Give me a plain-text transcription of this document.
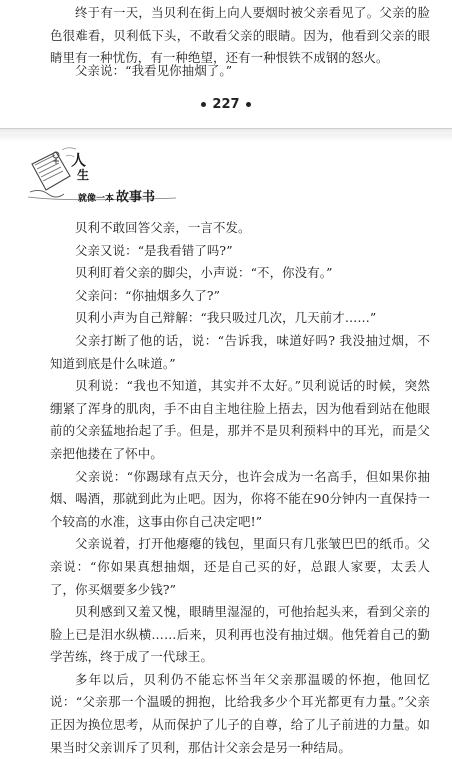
终于有一天，当贝利在街上向人要烟时被父亲看见了。父亲的脸色很难看，贝利低下头，不敢看父亲的眼睛。因为，他看到父亲的眼睛里有一种忧伤，有一种绝望，还有一种恨铁不成钢的怒火。

父亲说：“我看见你抽烟了。”

227
人
生
就像一本 故事书

贝利不敢回答父亲，一言不发。

父亲又说：“是我看错了吗?”

贝利盯着父亲的脚尖，小声说：“不，你没有。”

父亲问：“你抽烟多久了?”

贝利小声为自己辩解：“我只吸过几次，几天前才……”

父亲打断了他的话，说：“告诉我，味道好吗? 我没抽过烟，不知道到底是什么味道。”

贝利说：“我也不知道，其实并不太好。”贝利说话的时候，突然绷紧了浑身的肌肉，手不由自主地往脸上捂去，因为他看到站在他眼前的父亲猛地抬起了手。但是，那并不是贝利预料中的耳光，而是父亲把他搂在了怀中。

父亲说：“你踢球有点天分，也许会成为一名高手，但如果你抽烟、喝酒，那就到此为止吧。因为，你将不能在90分钟内一直保持一个较高的水准，这事由你自己决定吧!”

父亲说着，打开他瘪瘪的钱包，里面只有几张皱巴巴的纸币。父亲说：“你如果真想抽烟，还是自己买的好，总跟人家要，太丢人了，你买烟要多少钱?”

贝利感到又羞又愧，眼睛里湿湿的，可他抬起头来，看到父亲的脸上已是泪水纵横……后来，贝利再也没有抽过烟。他凭着自己的勤学苦练，终于成了一代球王。

多年以后，贝利仍不能忘怀当年父亲那温暖的怀抱，他回忆说：“父亲那一个温暖的拥抱，比给我多少个耳光都更有力量。”父亲正因为换位思考，从而保护了儿子的自尊，给了儿子前进的力量。如果当时父亲训斥了贝利，那估计父亲会是另一种结局。
